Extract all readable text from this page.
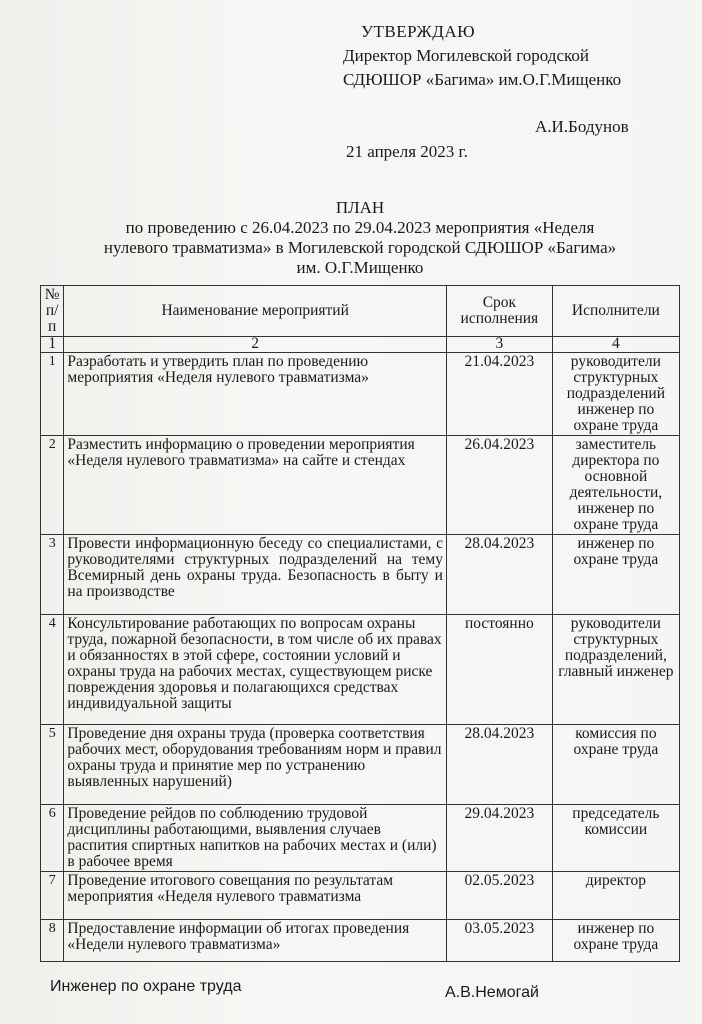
УТВЕРЖДАЮ
Директор Могилевской городской
СДЮШОР «Багима» им.О.Г.Мищенко
А.И.Бодунов
21 апреля 2023 г.
ПЛАН
по проведению с 26.04.2023 по 29.04.2023 мероприятия «Неделя
нулевого травматизма» в Могилевской городской СДЮШОР «Багима»
им. О.Г.Мищенко
№ п/п	Наименование мероприятий	Срок исполнения	Исполнители
1	2	3	4
1	Разработать и утвердить план по проведению мероприятия «Неделя нулевого травматизма»	21.04.2023	руководители структурных подразделений инженер по охране труда
2	Разместить информацию о проведении мероприятия «Неделя нулевого травматизма» на сайте и стендах	26.04.2023	заместитель директора по основной деятельности, инженер по охране труда
3	Провести информационную беседу со специалистами, с руководителями структурных подразделений на тему Всемирный день охраны труда. Безопасность в быту и на производстве	28.04.2023	инженер по охране труда
4	Консультирование работающих по вопросам охраны труда, пожарной безопасности, в том числе об их правах и обязанностях в этой сфере, состоянии условий и охраны труда на рабочих местах, существующем риске повреждения здоровья и полагающихся средствах индивидуальной защиты	постоянно	руководители структурных подразделений, главный инженер
5	Проведение дня охраны труда (проверка соответствия рабочих мест, оборудования требованиям норм и правил охраны труда и принятие мер по устранению выявленных нарушений)	28.04.2023	комиссия по охране труда
6	Проведение рейдов по соблюдению трудовой дисциплины работающими, выявления случаев распития спиртных напитков на рабочих местах и (или) в рабочее время	29.04.2023	председатель комиссии
7	Проведение итогового совещания по результатам мероприятия «Неделя нулевого травматизма	02.05.2023	директор
8	Предоставление информации об итогах проведения «Недели нулевого травматизма»	03.05.2023	инженер по охране труда
Инженер по охране труда	А.В.Немогай
